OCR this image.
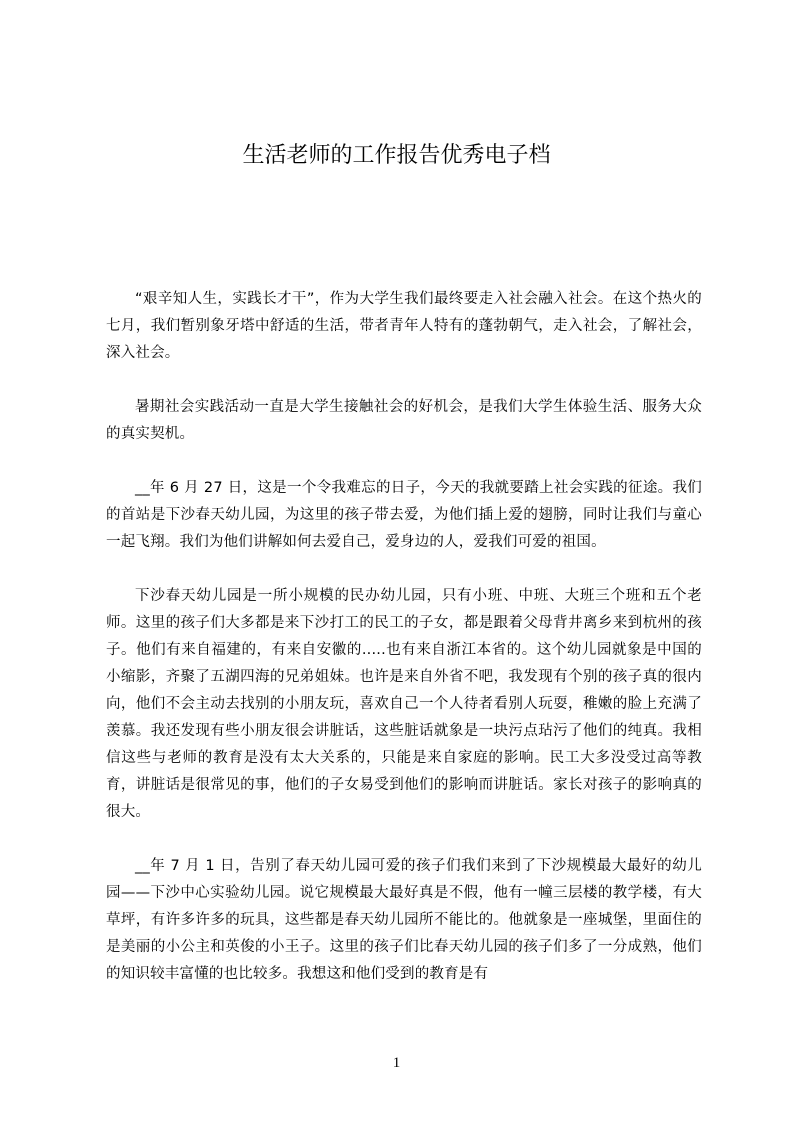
生活老师的工作报告优秀电子档

“艰辛知人生，实践长才干”，作为大学生我们最终要走入社会融入社会。在这个热火的七月，我们暂别象牙塔中舒适的生活，带者青年人特有的蓬勃朝气，走入社会，了解社会，深入社会。

暑期社会实践活动一直是大学生接触社会的好机会，是我们大学生体验生活、服务大众的真实契机。

__年 6 月 27 日，这是一个令我难忘的日子，今天的我就要踏上社会实践的征途。我们的首站是下沙春天幼儿园，为这里的孩子带去爱，为他们插上爱的翅膀，同时让我们与童心一起飞翔。我们为他们讲解如何去爱自己，爱身边的人，爱我们可爱的祖国。

下沙春天幼儿园是一所小规模的民办幼儿园，只有小班、中班、大班三个班和五个老师。这里的孩子们大多都是来下沙打工的民工的子女，都是跟着父母背井离乡来到杭州的孩子。他们有来自福建的，有来自安徽的.....也有来自浙江本省的。这个幼儿园就象是中国的小缩影，齐聚了五湖四海的兄弟姐妹。也许是来自外省不吧，我发现有个别的孩子真的很内向，他们不会主动去找别的小朋友玩，喜欢自己一个人待者看别人玩耍，稚嫩的脸上充满了羡慕。我还发现有些小朋友很会讲脏话，这些脏话就象是一块污点玷污了他们的纯真。我相信这些与老师的教育是没有太大关系的，只能是来自家庭的影响。民工大多没受过高等教育，讲脏话是很常见的事，他们的子女易受到他们的影响而讲脏话。家长对孩子的影响真的很大。

__年 7 月 1 日，告别了春天幼儿园可爱的孩子们我们来到了下沙规模最大最好的幼儿园——下沙中心实验幼儿园。说它规模最大最好真是不假，他有一幢三层楼的教学楼，有大草坪，有许多许多的玩具，这些都是春天幼儿园所不能比的。他就象是一座城堡，里面住的是美丽的小公主和英俊的小王子。这里的孩子们比春天幼儿园的孩子们多了一分成熟，他们的知识较丰富懂的也比较多。我想这和他们受到的教育是有

1
